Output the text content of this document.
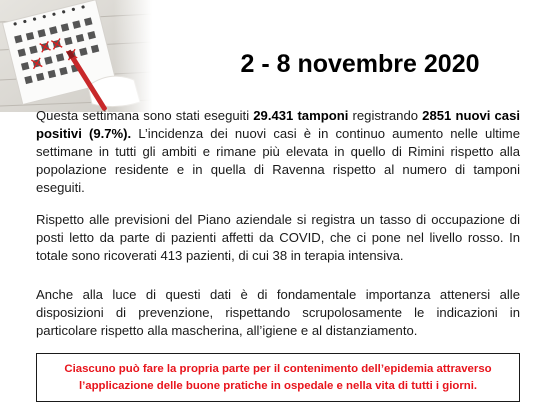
2 - 8 novembre 2020
Questa settimana sono stati eseguiti 29.431 tamponi registrando 2851 nuovi casi positivi (9.7%). L’incidenza dei nuovi casi è in continuo aumento nelle ultime settimane in tutti gli ambiti e rimane più elevata in quello di Rimini rispetto alla popolazione residente e in quella di Ravenna rispetto al numero di tamponi eseguiti.
Rispetto alle previsioni del Piano aziendale si registra un tasso di occupazione di posti letto da parte di pazienti affetti da COVID, che ci pone nel livello rosso. In totale sono ricoverati 413 pazienti, di cui 38 in terapia intensiva.
Anche alla luce di questi dati è di fondamentale importanza attenersi alle disposizioni di prevenzione, rispettando scrupolosamente le indicazioni in particolare rispetto alla mascherina, all’igiene e al distanziamento.
Ciascuno può fare la propria parte per il contenimento dell’epidemia attraverso
l’applicazione delle buone pratiche in ospedale e nella vita di tutti i giorni.
